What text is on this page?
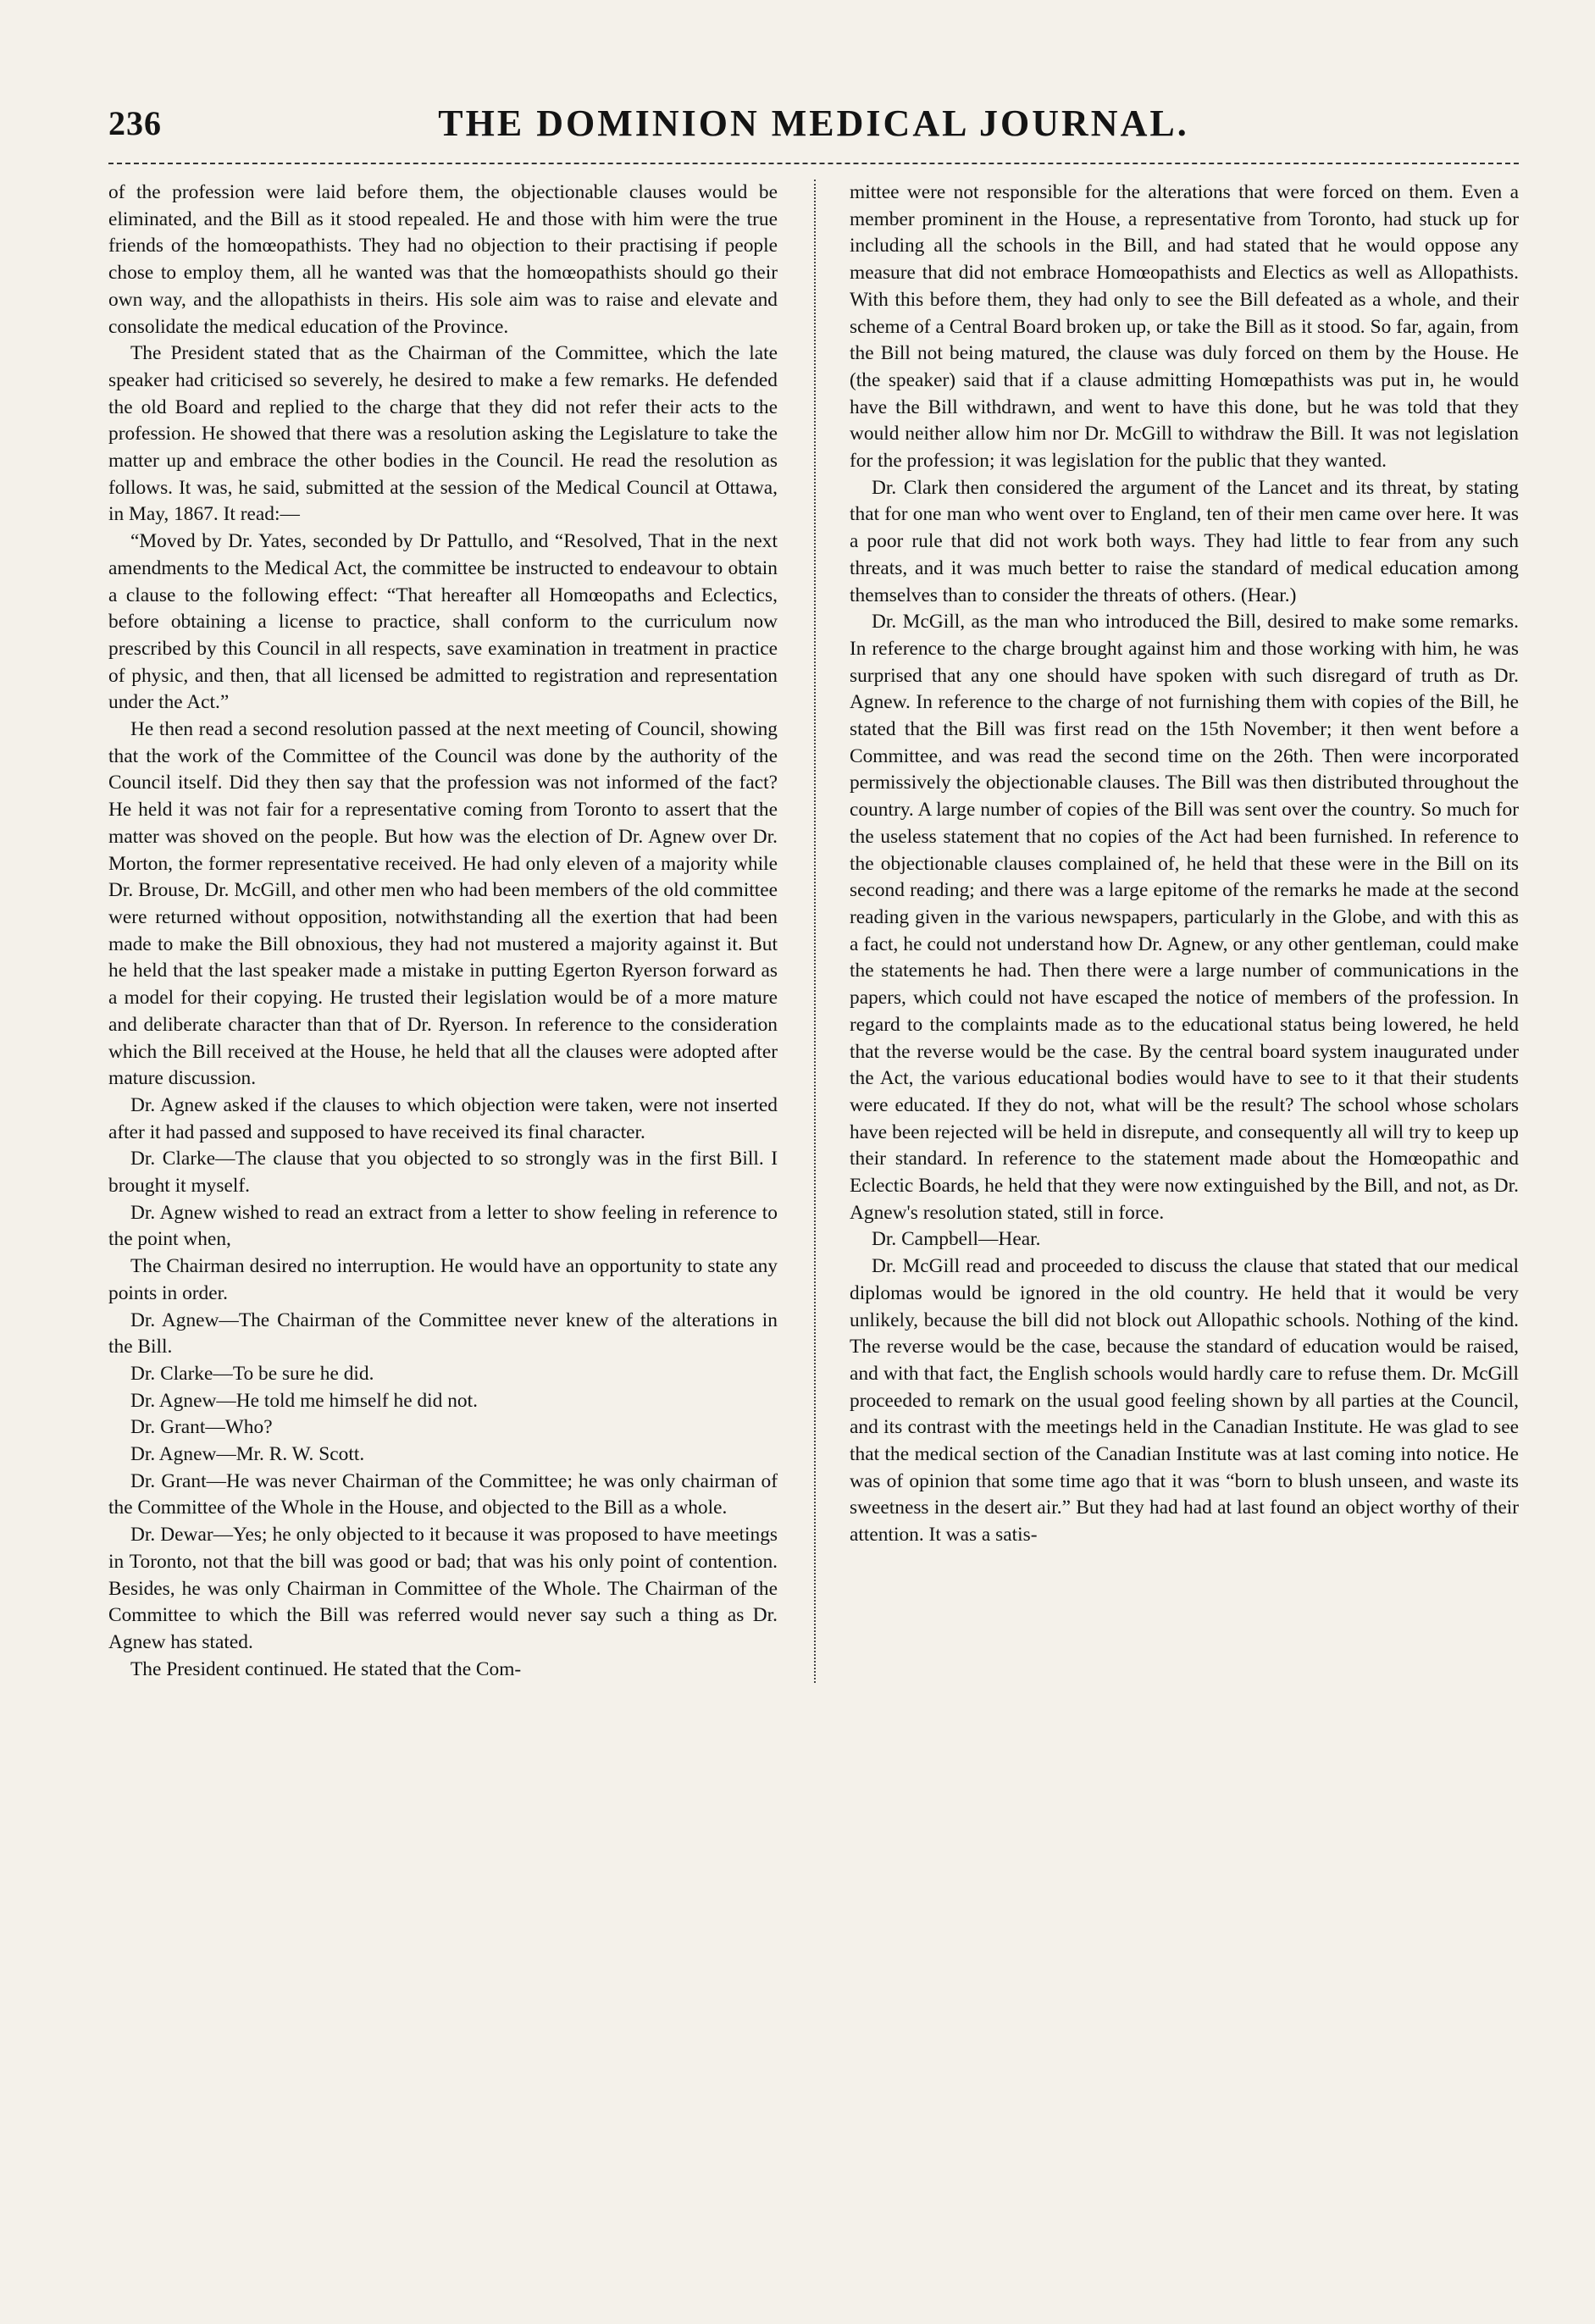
236	THE DOMINION MEDICAL JOURNAL.

of the profession were laid before them, the objectionable clauses would be eliminated, and the Bill as it stood repealed. He and those with him were the true friends of the homœopathists. They had no objection to their practising if people chose to employ them, all he wanted was that the homœopathists should go their own way, and the allopathists in theirs. His sole aim was to raise and elevate and consolidate the medical education of the Province.

The President stated that as the Chairman of the Committee, which the late speaker had criticised so severely, he desired to make a few remarks. He defended the old Board and replied to the charge that they did not refer their acts to the profession. He showed that there was a resolution asking the Legislature to take the matter up and embrace the other bodies in the Council. He read the resolution as follows. It was, he said, submitted at the session of the Medical Council at Ottawa, in May, 1867. It read:—

“Moved by Dr. Yates, seconded by Dr Pattullo, and “Resolved, That in the next amendments to the Medical Act, the committee be instructed to endeavour to obtain a clause to the following effect: “That hereafter all Homœopaths and Eclectics, before obtaining a license to practice, shall conform to the curriculum now prescribed by this Council in all respects, save examination in treatment in practice of physic, and then, that all licensed be admitted to registration and representation under the Act.”

He then read a second resolution passed at the next meeting of Council, showing that the work of the Committee of the Council was done by the authority of the Council itself. Did they then say that the profession was not informed of the fact? He held it was not fair for a representative coming from Toronto to assert that the matter was shoved on the people. But how was the election of Dr. Agnew over Dr. Morton, the former representative received. He had only eleven of a majority while Dr. Brouse, Dr. McGill, and other men who had been members of the old committee were returned without opposition, notwithstanding all the exertion that had been made to make the Bill obnoxious, they had not mustered a majority against it. But he held that the last speaker made a mistake in putting Egerton Ryerson forward as a model for their copying. He trusted their legislation would be of a more mature and deliberate character than that of Dr. Ryerson. In reference to the consideration which the Bill received at the House, he held that all the clauses were adopted after mature discussion.

Dr. Agnew asked if the clauses to which objection were taken, were not inserted after it had passed and supposed to have received its final character.

Dr. Clarke—The clause that you objected to so strongly was in the first Bill. I brought it myself.

Dr. Agnew wished to read an extract from a letter to show feeling in reference to the point when,

The Chairman desired no interruption. He would have an opportunity to state any points in order.

Dr. Agnew—The Chairman of the Committee never knew of the alterations in the Bill.

Dr. Clarke—To be sure he did.

Dr. Agnew—He told me himself he did not.

Dr. Grant—Who?

Dr. Agnew—Mr. R. W. Scott.

Dr. Grant—He was never Chairman of the Committee; he was only chairman of the Committee of the Whole in the House, and objected to the Bill as a whole.

Dr. Dewar—Yes; he only objected to it because it was proposed to have meetings in Toronto, not that the bill was good or bad; that was his only point of contention. Besides, he was only Chairman in Committee of the Whole. The Chairman of the Committee to which the Bill was referred would never say such a thing as Dr. Agnew has stated.

The President continued. He stated that the Com-

mittee were not responsible for the alterations that were forced on them. Even a member prominent in the House, a representative from Toronto, had stuck up for including all the schools in the Bill, and had stated that he would oppose any measure that did not embrace Homœopathists and Electics as well as Allopathists. With this before them, they had only to see the Bill defeated as a whole, and their scheme of a Central Board broken up, or take the Bill as it stood. So far, again, from the Bill not being matured, the clause was duly forced on them by the House. He (the speaker) said that if a clause admitting Homœpathists was put in, he would have the Bill withdrawn, and went to have this done, but he was told that they would neither allow him nor Dr. McGill to withdraw the Bill. It was not legislation for the profession; it was legislation for the public that they wanted.

Dr. Clark then considered the argument of the Lancet and its threat, by stating that for one man who went over to England, ten of their men came over here. It was a poor rule that did not work both ways. They had little to fear from any such threats, and it was much better to raise the standard of medical education among themselves than to consider the threats of others. (Hear.)

Dr. McGill, as the man who introduced the Bill, desired to make some remarks. In reference to the charge brought against him and those working with him, he was surprised that any one should have spoken with such disregard of truth as Dr. Agnew. In reference to the charge of not furnishing them with copies of the Bill, he stated that the Bill was first read on the 15th November; it then went before a Committee, and was read the second time on the 26th. Then were incorporated permissively the objectionable clauses. The Bill was then distributed throughout the country. A large number of copies of the Bill was sent over the country. So much for the useless statement that no copies of the Act had been furnished. In reference to the objectionable clauses complained of, he held that these were in the Bill on its second reading; and there was a large epitome of the remarks he made at the second reading given in the various newspapers, particularly in the Globe, and with this as a fact, he could not understand how Dr. Agnew, or any other gentleman, could make the statements he had. Then there were a large number of communications in the papers, which could not have escaped the notice of members of the profession. In regard to the complaints made as to the educational status being lowered, he held that the reverse would be the case. By the central board system inaugurated under the Act, the various educational bodies would have to see to it that their students were educated. If they do not, what will be the result? The school whose scholars have been rejected will be held in disrepute, and consequently all will try to keep up their standard. In reference to the statement made about the Homœopathic and Eclectic Boards, he held that they were now extinguished by the Bill, and not, as Dr. Agnew's resolution stated, still in force.

Dr. Campbell—Hear.

Dr. McGill read and proceeded to discuss the clause that stated that our medical diplomas would be ignored in the old country. He held that it would be very unlikely, because the bill did not block out Allopathic schools. Nothing of the kind. The reverse would be the case, because the standard of education would be raised, and with that fact, the English schools would hardly care to refuse them. Dr. McGill proceeded to remark on the usual good feeling shown by all parties at the Council, and its contrast with the meetings held in the Canadian Institute. He was glad to see that the medical section of the Canadian Institute was at last coming into notice. He was of opinion that some time ago that it was “born to blush unseen, and waste its sweetness in the desert air.” But they had had at last found an object worthy of their attention. It was a satis-
